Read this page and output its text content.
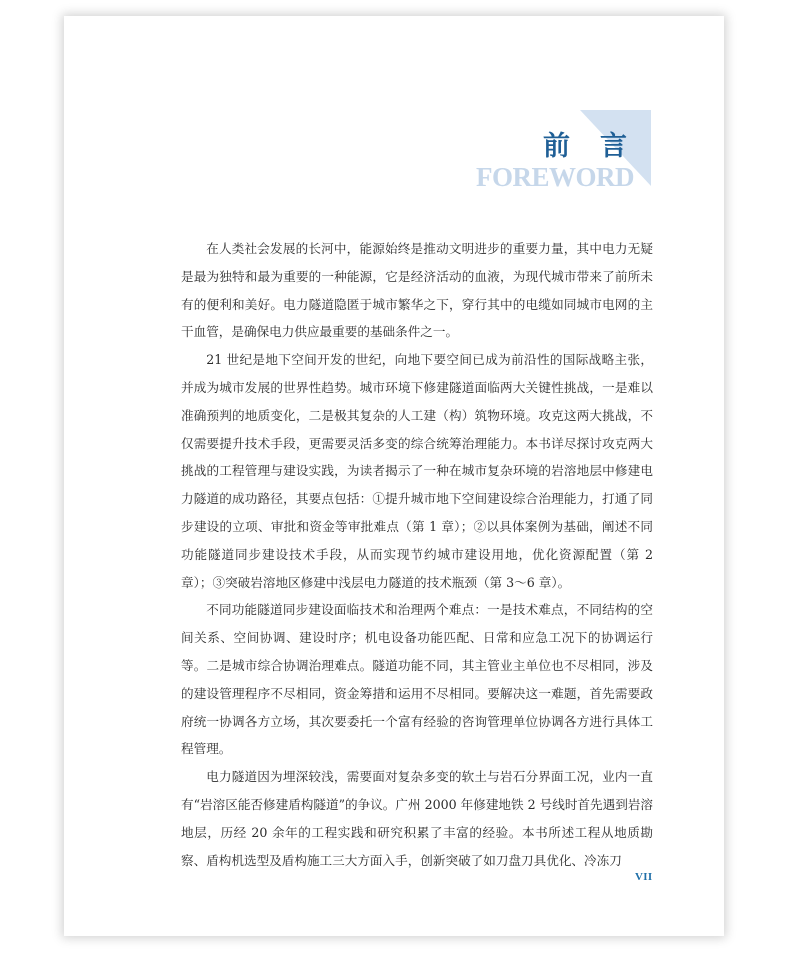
前言
FOREWORD

在人类社会发展的长河中，能源始终是推动文明进步的重要力量，其中电力无疑是最为独特和最为重要的一种能源，它是经济活动的血液，为现代城市带来了前所未有的便利和美好。电力隧道隐匿于城市繁华之下，穿行其中的电缆如同城市电网的主干血管，是确保电力供应最重要的基础条件之一。

21 世纪是地下空间开发的世纪，向地下要空间已成为前沿性的国际战略主张，并成为城市发展的世界性趋势。城市环境下修建隧道面临两大关键性挑战，一是难以准确预判的地质变化，二是极其复杂的人工建（构）筑物环境。攻克这两大挑战，不仅需要提升技术手段，更需要灵活多变的综合统筹治理能力。本书详尽探讨攻克两大挑战的工程管理与建设实践，为读者揭示了一种在城市复杂环境的岩溶地层中修建电力隧道的成功路径，其要点包括：①提升城市地下空间建设综合治理能力，打通了同步建设的立项、审批和资金等审批难点（第 1 章）；②以具体案例为基础，阐述不同功能隧道同步建设技术手段，从而实现节约城市建设用地，优化资源配置（第 2 章）；③突破岩溶地区修建中浅层电力隧道的技术瓶颈（第 3～6 章）。

不同功能隧道同步建设面临技术和治理两个难点：一是技术难点，不同结构的空间关系、空间协调、建设时序；机电设备功能匹配、日常和应急工况下的协调运行等。二是城市综合协调治理难点。隧道功能不同，其主管业主单位也不尽相同，涉及的建设管理程序不尽相同，资金筹措和运用不尽相同。要解决这一难题，首先需要政府统一协调各方立场，其次要委托一个富有经验的咨询管理单位协调各方进行具体工程管理。

电力隧道因为埋深较浅，需要面对复杂多变的软土与岩石分界面工况，业内一直有“岩溶区能否修建盾构隧道”的争议。广州 2000 年修建地铁 2 号线时首先遇到岩溶地层，历经 20 余年的工程实践和研究积累了丰富的经验。本书所述工程从地质勘察、盾构机选型及盾构施工三大方面入手，创新突破了如刀盘刀具优化、冷冻刀

VII
